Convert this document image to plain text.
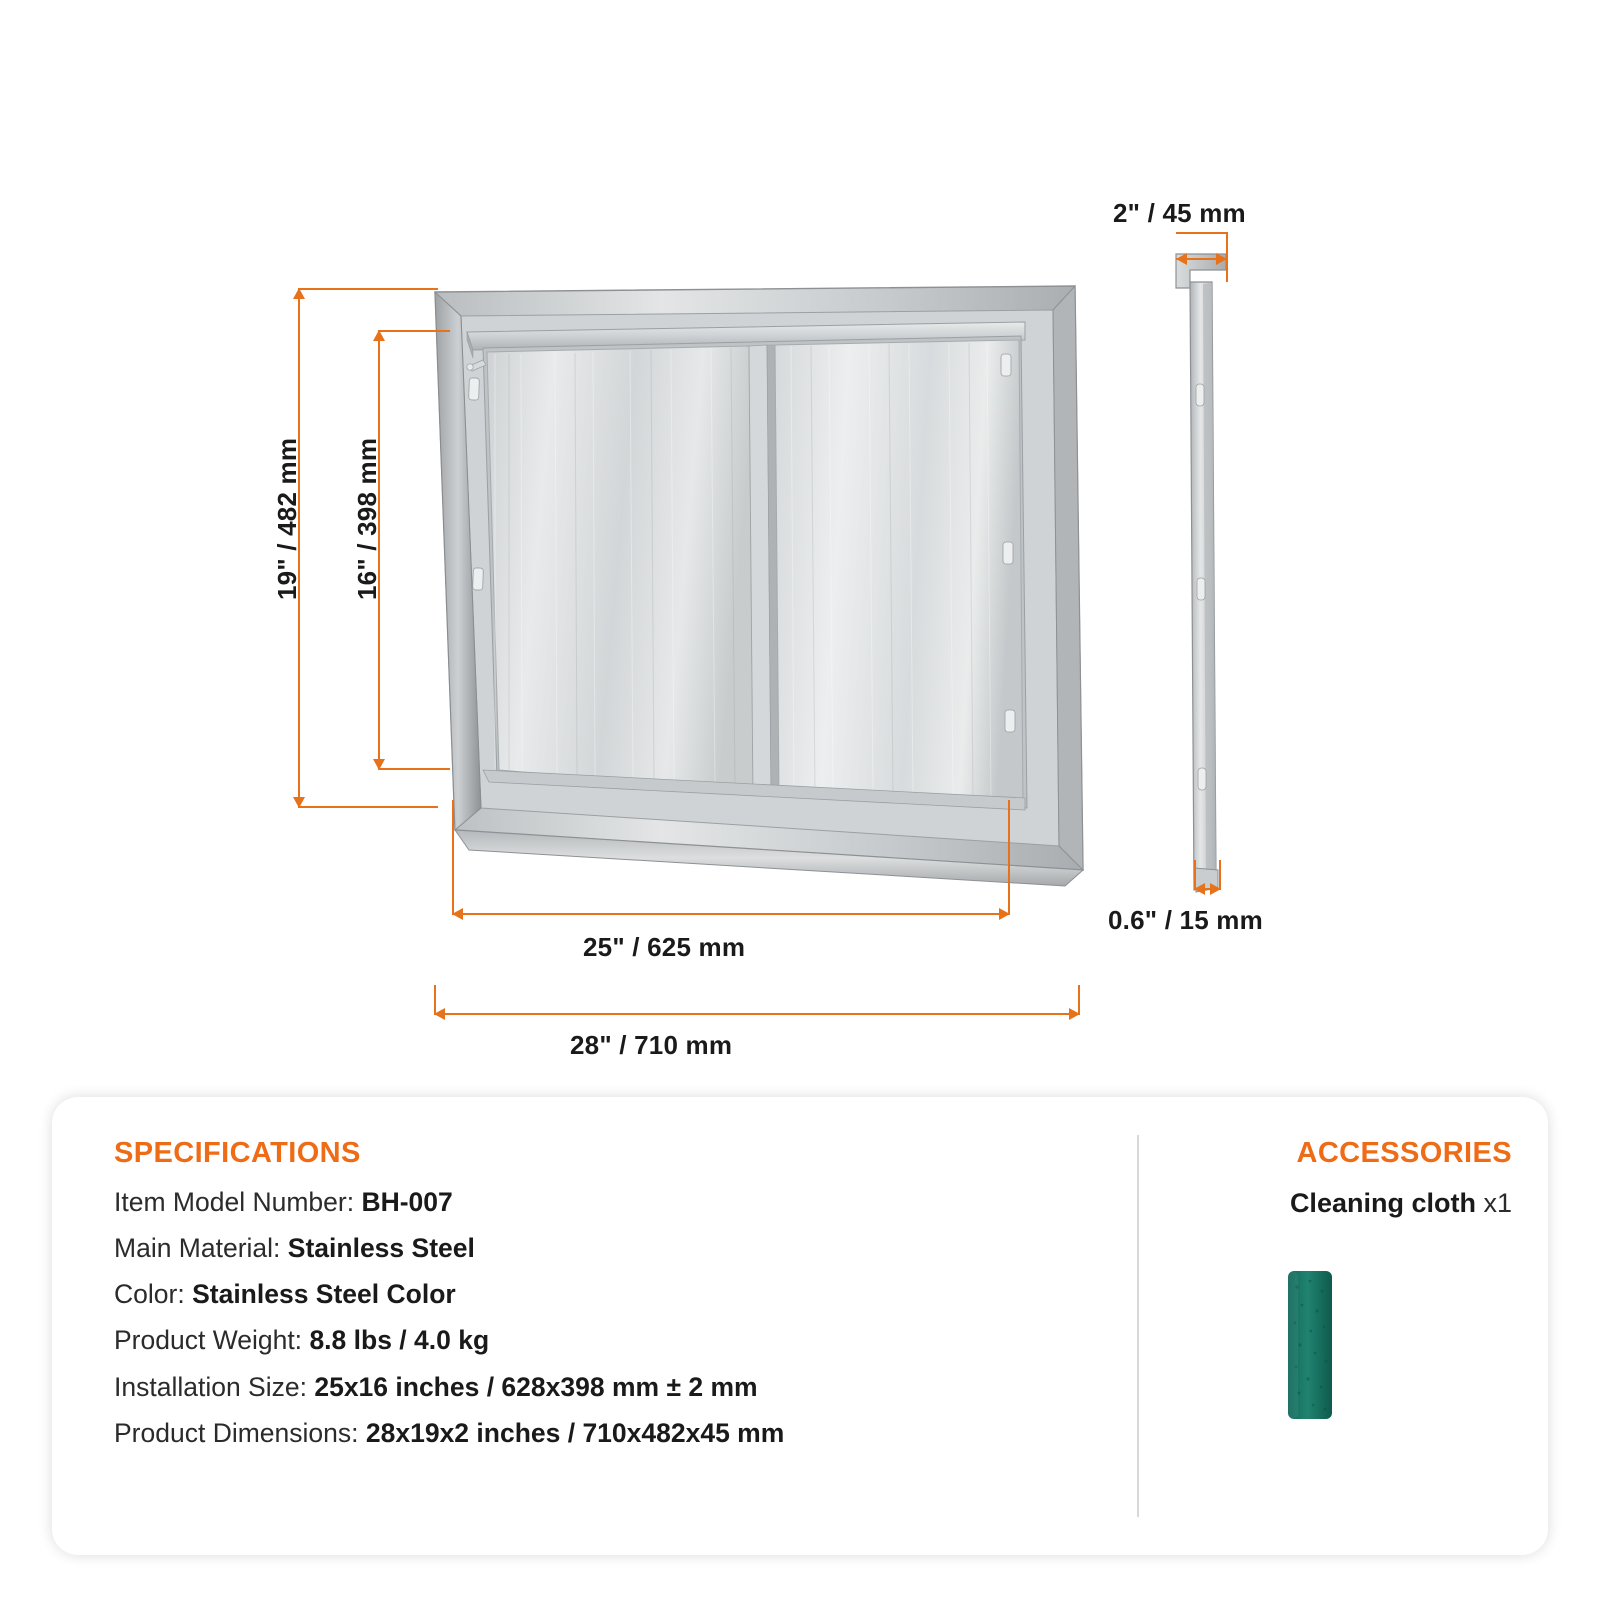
19" / 482 mm 16" / 398 mm
25" / 625 mm
28" / 710 mm
2" / 45 mm
0.6" / 15 mm
SPECIFICATIONS
Item Model Number: BH-007
Main Material: Stainless Steel
Color: Stainless Steel Color
Product Weight: 8.8 lbs / 4.0 kg
Installation Size: 25x16 inches / 628x398 mm ± 2 mm
Product Dimensions: 28x19x2 inches / 710x482x45 mm
ACCESSORIES
Cleaning cloth x1
